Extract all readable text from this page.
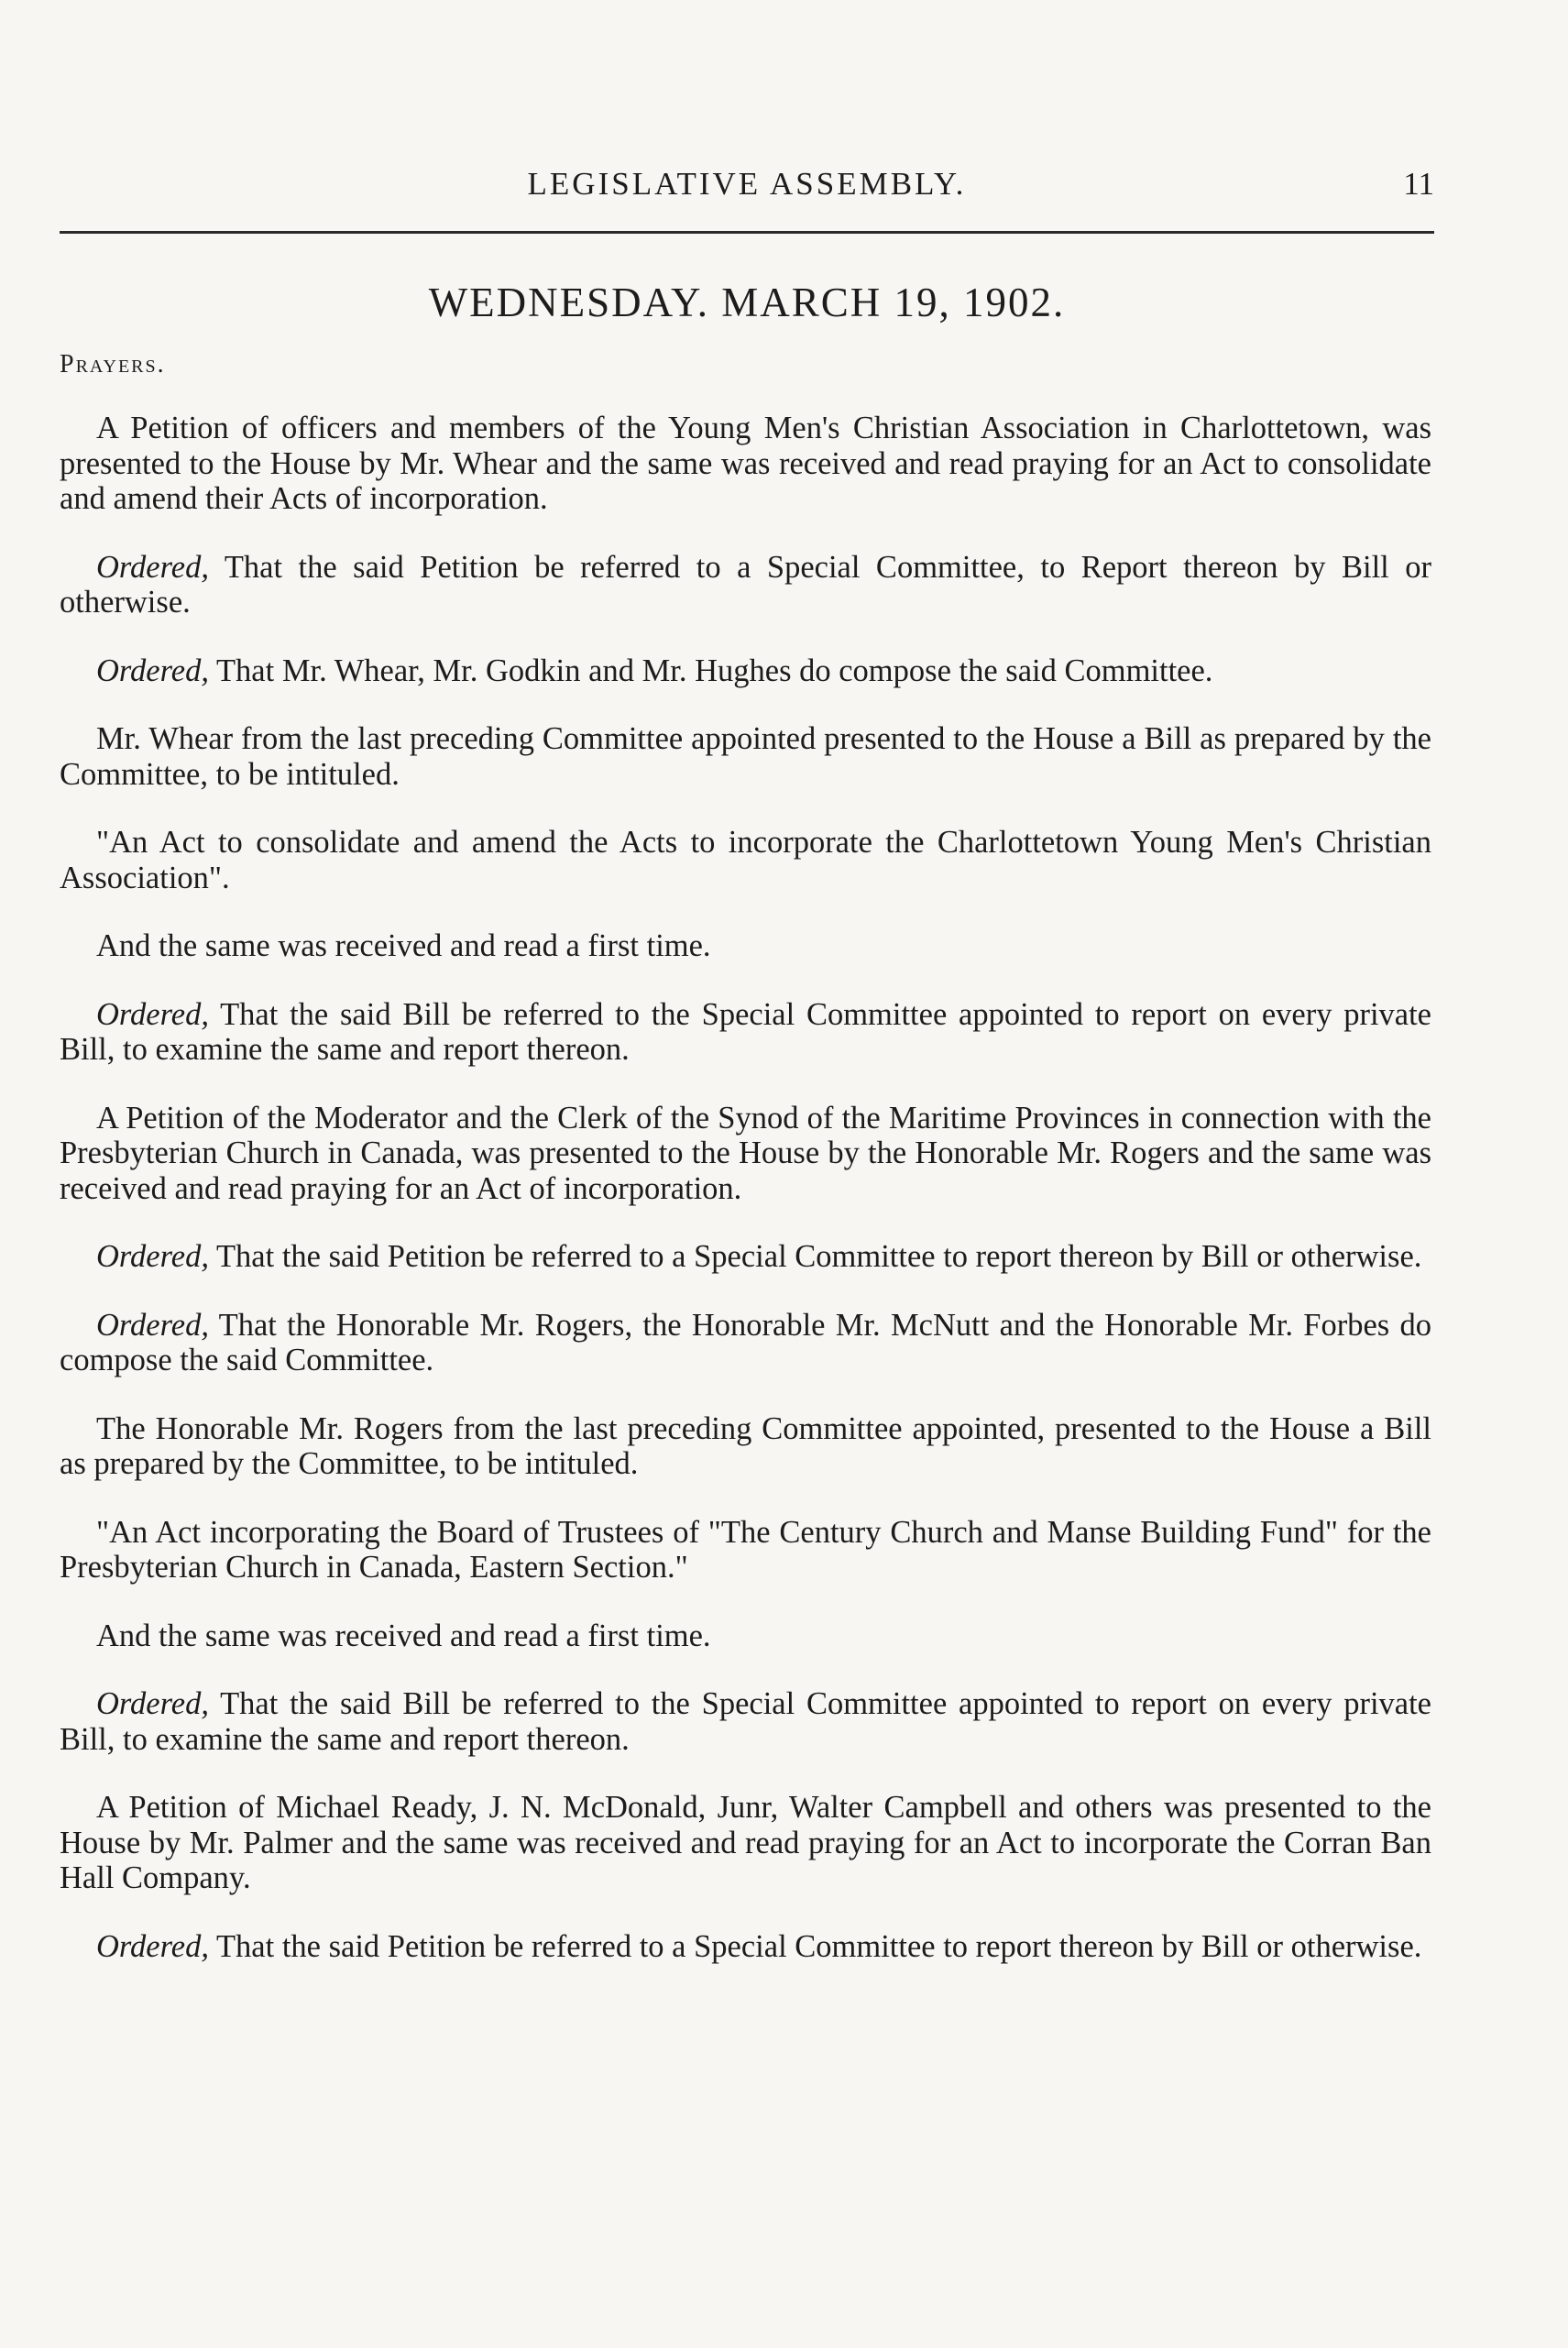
LEGISLATIVE ASSEMBLY.	11
WEDNESDAY. MARCH 19, 1902.
Prayers.

A Petition of officers and members of the Young Men's Christian Association in Charlottetown, was presented to the House by Mr. Whear and the same was received and read praying for an Act to consolidate and amend their Acts of incorporation.

Ordered, That the said Petition be referred to a Special Committee, to Report thereon by Bill or otherwise.

Ordered, That Mr. Whear, Mr. Godkin and Mr. Hughes do compose the said Committee.

Mr. Whear from the last preceding Committee appointed presented to the House a Bill as prepared by the Committee, to be intituled.

"An Act to consolidate and amend the Acts to incorporate the Charlottetown Young Men's Christian Association".

And the same was received and read a first time.

Ordered, That the said Bill be referred to the Special Committee appointed to report on every private Bill, to examine the same and report thereon.

A Petition of the Moderator and the Clerk of the Synod of the Maritime Provinces in connection with the Presbyterian Church in Canada, was presented to the House by the Honorable Mr. Rogers and the same was received and read praying for an Act of incorporation.

Ordered, That the said Petition be referred to a Special Committee to report thereon by Bill or otherwise.

Ordered, That the Honorable Mr. Rogers, the Honorable Mr. McNutt and the Honorable Mr. Forbes do compose the said Committee.

The Honorable Mr. Rogers from the last preceding Committee appointed, presented to the House a Bill as prepared by the Committee, to be intituled.

"An Act incorporating the Board of Trustees of "The Century Church and Manse Building Fund" for the Presbyterian Church in Canada, Eastern Section."

And the same was received and read a first time.

Ordered, That the said Bill be referred to the Special Committee appointed to report on every private Bill, to examine the same and report thereon.

A Petition of Michael Ready, J. N. McDonald, Junr, Walter Campbell and others was presented to the House by Mr. Palmer and the same was received and read praying for an Act to incorporate the Corran Ban Hall Company.

Ordered, That the said Petition be referred to a Special Committee to report thereon by Bill or otherwise.
